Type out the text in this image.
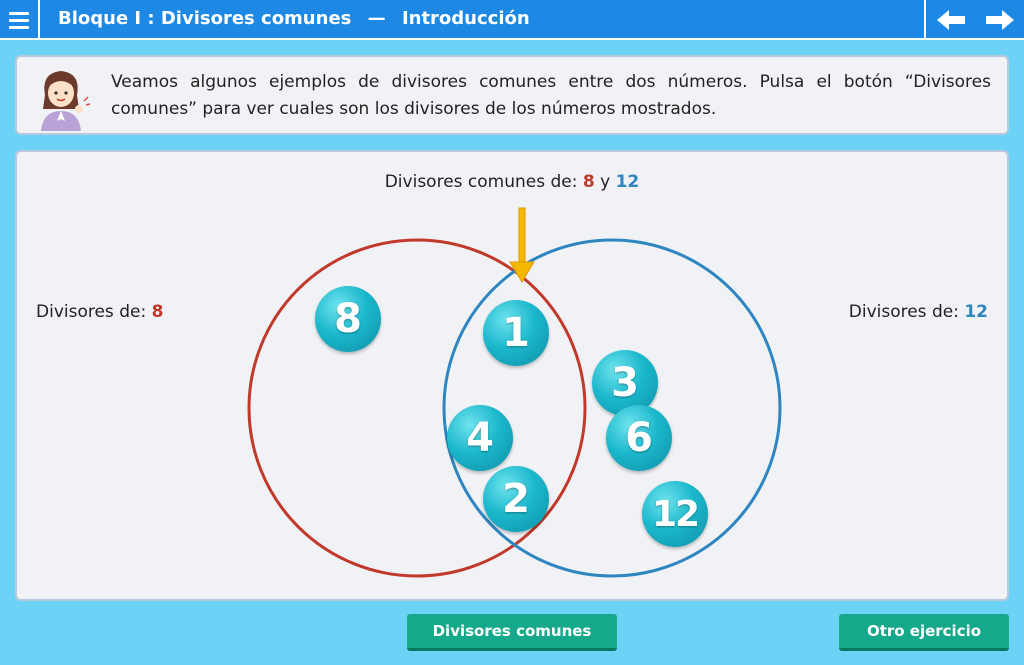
Bloque I : Divisores comunes — Introducción
Veamos algunos ejemplos de divisores comunes entre dos números. Pulsa el botón “Divisores comunes” para ver cuales son los divisores de los números mostrados.
Divisores comunes de: 8 y 12
Divisores de: 8	Divisores de: 12
8	1
3
4	6
2	12
Divisores comunes	Otro ejercicio
